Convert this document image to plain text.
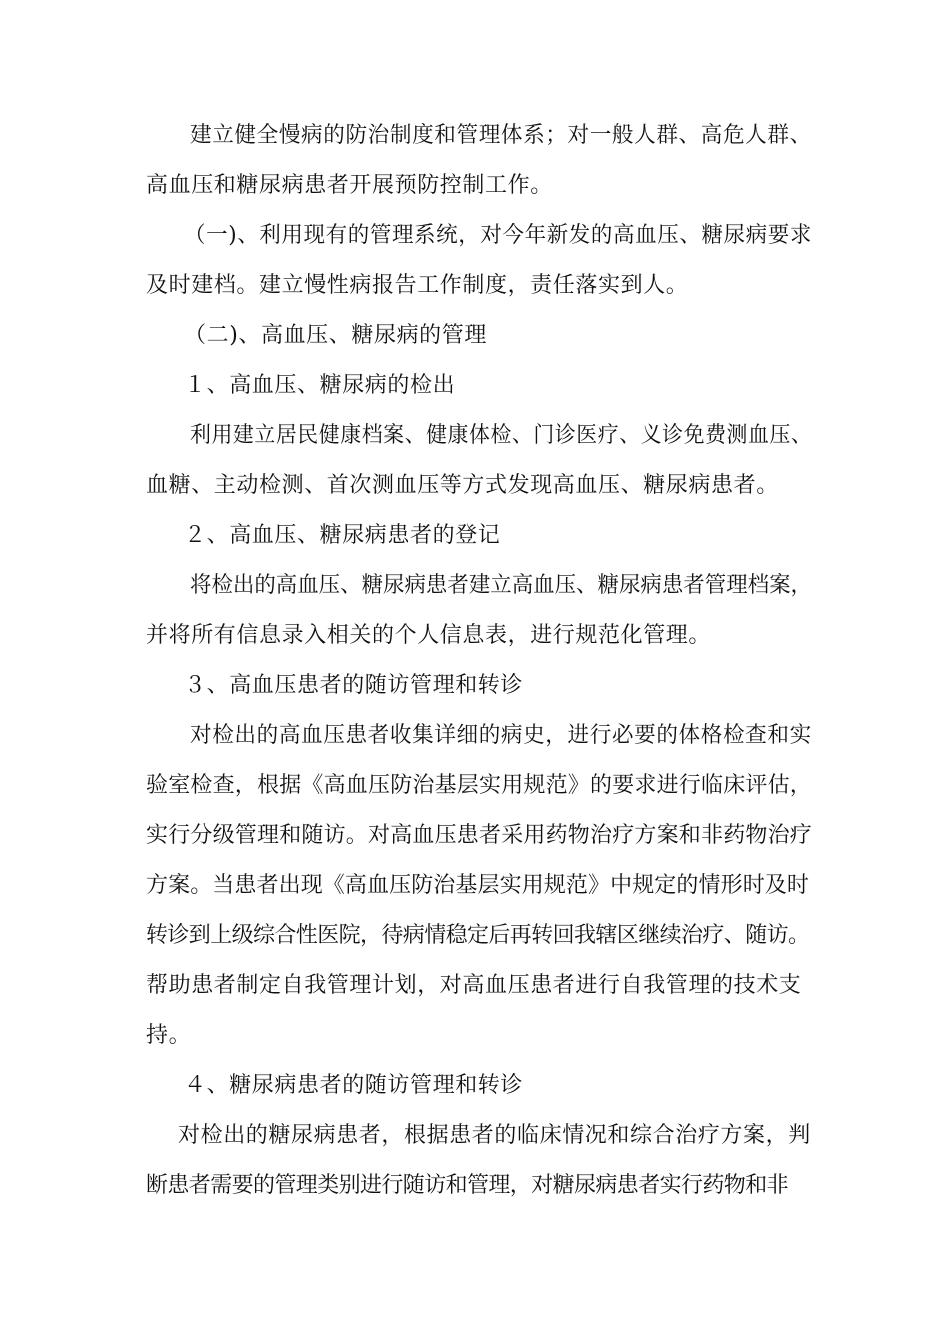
建立健全慢病的防治制度和管理体系；对一般人群、高危人群、

高血压和糖尿病患者开展预防控制工作。

（一)、利用现有的管理系统，对今年新发的高血压、糖尿病要求

及时建档。建立慢性病报告工作制度，责任落实到人。

（二)、高血压、糖尿病的管理

１、高血压、糖尿病的检出

利用建立居民健康档案、健康体检、门诊医疗、义诊免费测血压、

血糖、主动检测、首次测血压等方式发现高血压、糖尿病患者。

２、高血压、糖尿病患者的登记

将检出的高血压、糖尿病患者建立高血压、糖尿病患者管理档案，

并将所有信息录入相关的个人信息表，进行规范化管理。

３、高血压患者的随访管理和转诊

对检出的高血压患者收集详细的病史，进行必要的体格检查和实

验室检查，根据《高血压防治基层实用规范》的要求进行临床评估，

实行分级管理和随访。对高血压患者采用药物治疗方案和非药物治疗

方案。当患者出现《高血压防治基层实用规范》中规定的情形时及时

转诊到上级综合性医院，待病情稳定后再转回我辖区继续治疗、随访。

帮助患者制定自我管理计划，对高血压患者进行自我管理的技术支

持。

４、糖尿病患者的随访管理和转诊

对检出的糖尿病患者，根据患者的临床情况和综合治疗方案，判

断患者需要的管理类别进行随访和管理，对糖尿病患者实行药物和非
